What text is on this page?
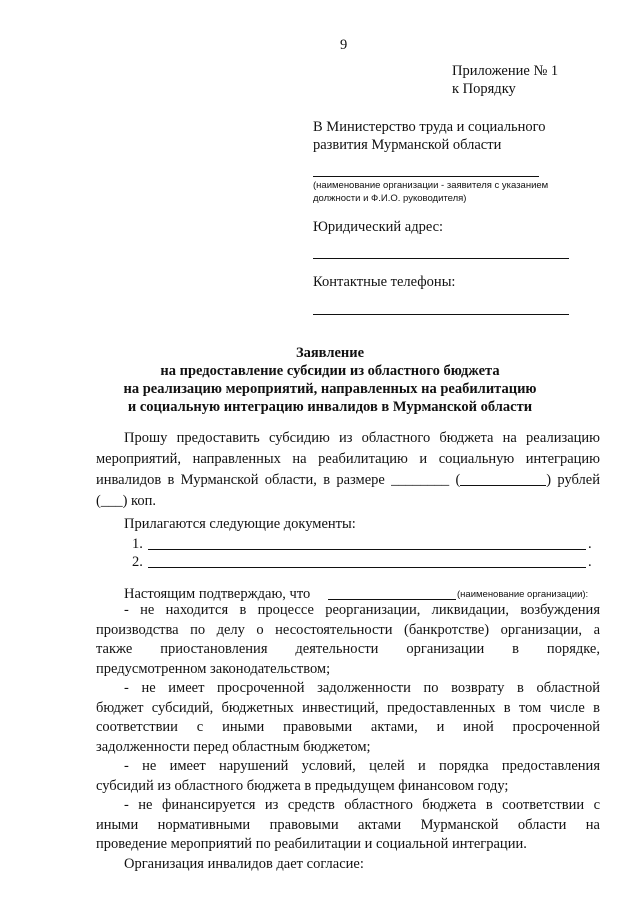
9
Приложение № 1
к Порядку
В Министерство труда и социального
развития Мурманской области
(наименование организации - заявителя с указанием
должности и Ф.И.О. руководителя)
Юридический адрес:
Контактные телефоны:
Заявление
на предоставление субсидии из областного бюджета
на реализацию мероприятий, направленных на реабилитацию
и социальную интеграцию инвалидов в Мурманской области
Прошу предоставить субсидию из областного бюджета на реализацию
мероприятий, направленных на реабилитацию и социальную интеграцию
инвалидов в Мурманской области, в размере ________ (	) рублей
(___) коп.
Прилагаются следующие документы:
1.	.
2.	.
Настоящим подтверждаю, что	(наименование организации):
- не находится в процессе реорганизации, ликвидации, возбуждения
производства по делу о несостоятельности (банкротстве) организации, а
также приостановления деятельности организации в порядке,
предусмотренном законодательством;
- не имеет просроченной задолженности по возврату в областной
бюджет субсидий, бюджетных инвестиций, предоставленных в том числе в
соответствии с иными правовыми актами, и иной просроченной
задолженности перед областным бюджетом;
- не имеет нарушений условий, целей и порядка предоставления
субсидий из областного бюджета в предыдущем финансовом году;
- не финансируется из средств областного бюджета в соответствии с
иными нормативными правовыми актами Мурманской области на
проведение мероприятий по реабилитации и социальной интеграции.
Организация инвалидов дает согласие:
